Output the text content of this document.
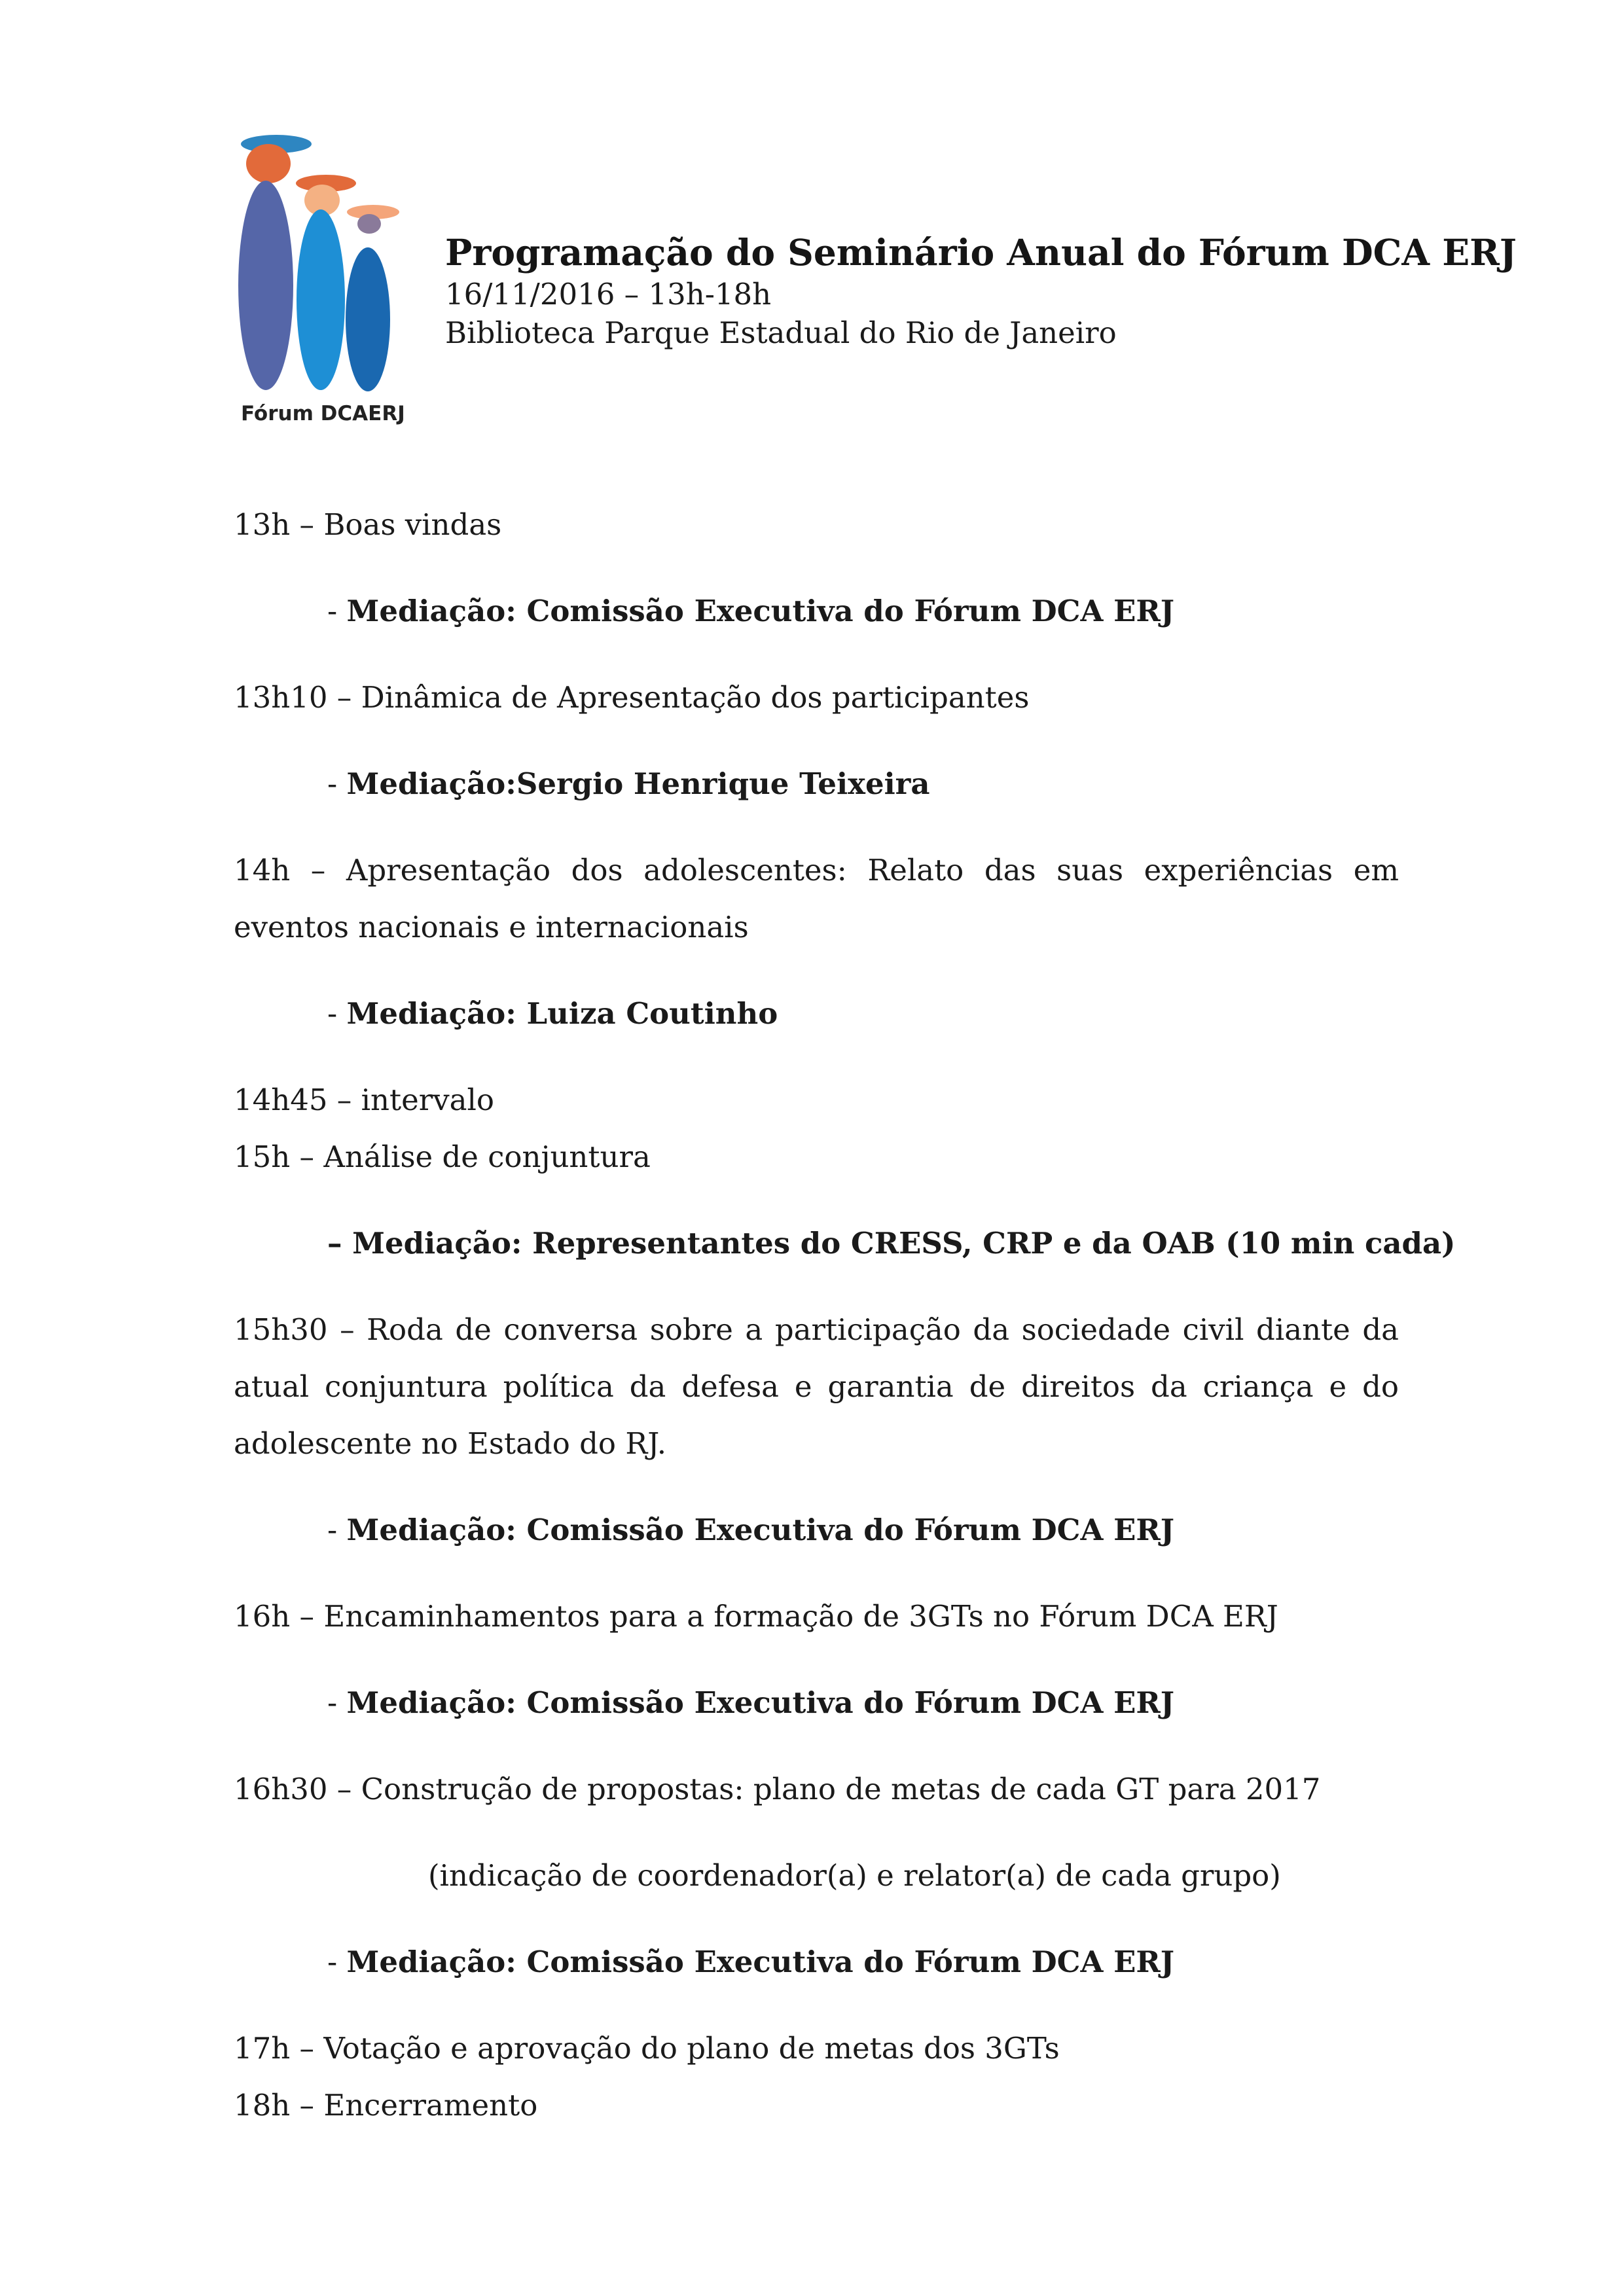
Fórum DCAERJ
Programação do Seminário Anual do Fórum DCA ERJ
16/11/2016 – 13h-18h
Biblioteca Parque Estadual do Rio de Janeiro

13h – Boas vindas

- Mediação: Comissão Executiva do Fórum DCA ERJ

13h10 – Dinâmica de Apresentação dos participantes

- Mediação:Sergio Henrique Teixeira

14h – Apresentação dos adolescentes: Relato das suas experiências em eventos nacionais e internacionais

- Mediação: Luiza Coutinho

14h45 – intervalo

15h – Análise de conjuntura

– Mediação: Representantes do CRESS, CRP e da OAB (10 min cada)

15h30 – Roda de conversa sobre a participação da sociedade civil diante da atual conjuntura política da defesa e garantia de direitos da criança e do adolescente no Estado do RJ.

- Mediação: Comissão Executiva do Fórum DCA ERJ

16h – Encaminhamentos para a formação de 3GTs no Fórum DCA ERJ

- Mediação: Comissão Executiva do Fórum DCA ERJ

16h30 – Construção de propostas: plano de metas de cada GT para 2017

(indicação de coordenador(a) e relator(a) de cada grupo)

- Mediação: Comissão Executiva do Fórum DCA ERJ

17h – Votação e aprovação do plano de metas dos 3GTs

18h – Encerramento
